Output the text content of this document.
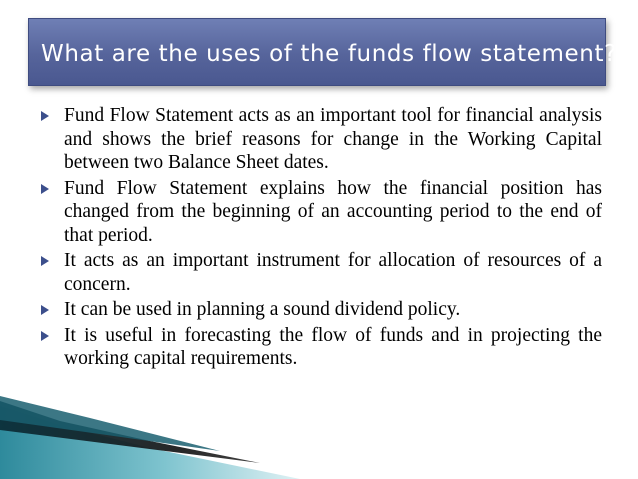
What are the uses of the funds flow statement?
Fund Flow Statement acts as an important tool for financial analysis and shows the brief reasons for change in the Working Capital between two Balance Sheet dates.
Fund Flow Statement explains how the financial position has changed from the beginning of an accounting period to the end of that period.
It acts as an important instrument for allocation of resources of a concern.
It can be used in planning a sound dividend policy.
It is useful in forecasting the flow of funds and in projecting the working capital requirements.
